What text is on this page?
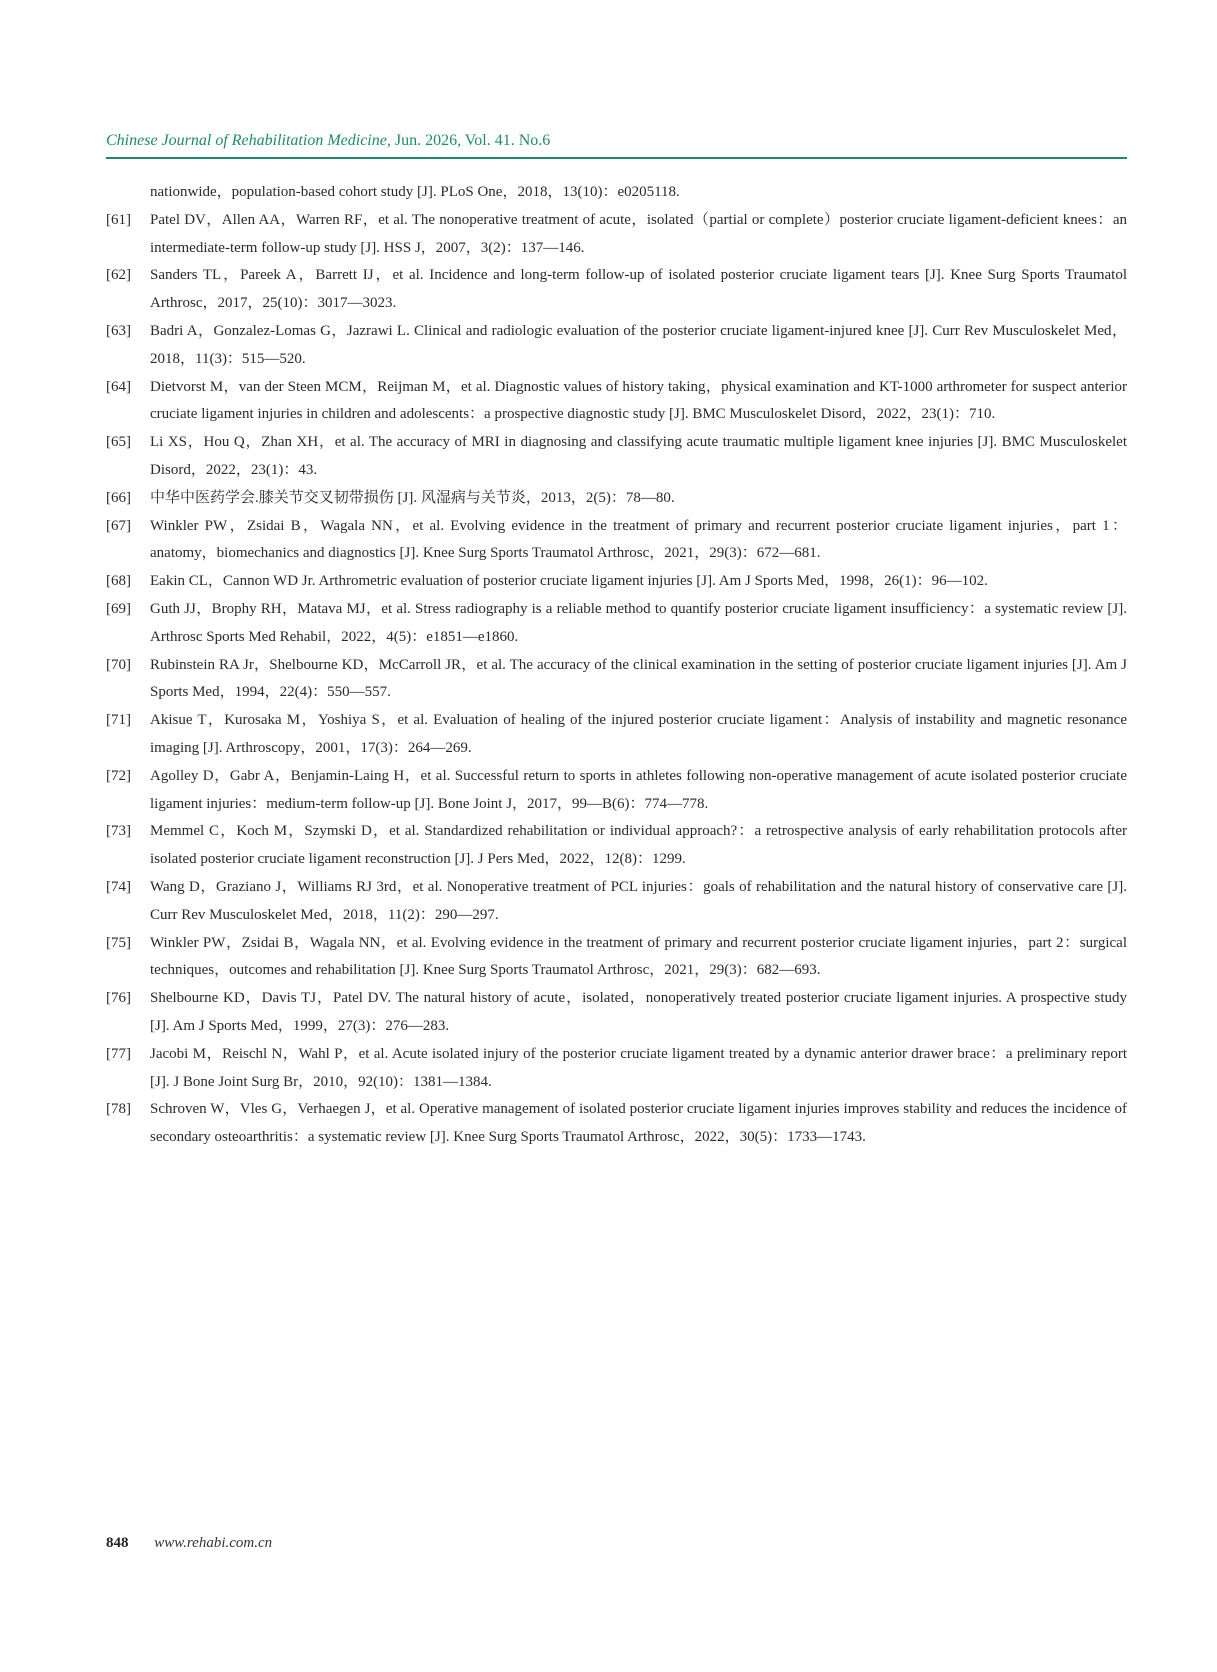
Chinese Journal of Rehabilitation Medicine, Jun. 2026, Vol. 41. No.6
nationwide，population-based cohort study [J]. PLoS One，2018，13(10)：e0205118.
[61]	Patel DV，Allen AA，Warren RF，et al. The nonoperative treatment of acute，isolated（partial or complete）posterior cruciate ligament-deficient knees：an intermediate-term follow-up study [J]. HSS J，2007，3(2)：137—146.
[62]	Sanders TL，Pareek A，Barrett IJ，et al. Incidence and long-term follow-up of isolated posterior cruciate ligament tears [J]. Knee Surg Sports Traumatol Arthrosc，2017，25(10)：3017—3023.
[63]	Badri A，Gonzalez-Lomas G，Jazrawi L. Clinical and radiologic evaluation of the posterior cruciate ligament-injured knee [J]. Curr Rev Musculoskelet Med，2018，11(3)：515—520.
[64]	Dietvorst M，van der Steen MCM，Reijman M，et al. Diagnostic values of history taking，physical examination and KT-1000 arthrometer for suspect anterior cruciate ligament injuries in children and adolescents：a prospective diagnostic study [J]. BMC Musculoskelet Disord，2022，23(1)：710.
[65]	Li XS，Hou Q，Zhan XH，et al. The accuracy of MRI in diagnosing and classifying acute traumatic multiple ligament knee injuries [J]. BMC Musculoskelet Disord，2022，23(1)：43.
[66]	中华中医药学会.膝关节交叉韧带损伤 [J]. 风湿病与关节炎，2013，2(5)：78—80.
[67]	Winkler PW，Zsidai B，Wagala NN，et al. Evolving evidence in the treatment of primary and recurrent posterior cruciate ligament injuries，part 1：anatomy，biomechanics and diagnostics [J]. Knee Surg Sports Traumatol Arthrosc，2021，29(3)：672—681.
[68]	Eakin CL，Cannon WD Jr. Arthrometric evaluation of posterior cruciate ligament injuries [J]. Am J Sports Med，1998，26(1)：96—102.
[69]	Guth JJ，Brophy RH，Matava MJ，et al. Stress radiography is a reliable method to quantify posterior cruciate ligament insufficiency：a systematic review [J]. Arthrosc Sports Med Rehabil，2022，4(5)：e1851—e1860.
[70]	Rubinstein RA Jr，Shelbourne KD，McCarroll JR，et al. The accuracy of the clinical examination in the setting of posterior cruciate ligament injuries [J]. Am J Sports Med，1994，22(4)：550—557.
[71]	Akisue T，Kurosaka M，Yoshiya S，et al. Evaluation of healing of the injured posterior cruciate ligament：Analysis of instability and magnetic resonance imaging [J]. Arthroscopy，2001，17(3)：264—269.
[72]	Agolley D，Gabr A，Benjamin-Laing H，et al. Successful return to sports in athletes following non-operative management of acute isolated posterior cruciate ligament injuries：medium-term follow-up [J]. Bone Joint J，2017，99—B(6)：774—778.
[73]	Memmel C，Koch M，Szymski D，et al. Standardized rehabilitation or individual approach?：a retrospective analysis of early rehabilitation protocols after isolated posterior cruciate ligament reconstruction [J]. J Pers Med，2022，12(8)：1299.
[74]	Wang D，Graziano J，Williams RJ 3rd，et al. Nonoperative treatment of PCL injuries：goals of rehabilitation and the natural history of conservative care [J]. Curr Rev Musculoskelet Med，2018，11(2)：290—297.
[75]	Winkler PW，Zsidai B，Wagala NN，et al. Evolving evidence in the treatment of primary and recurrent posterior cruciate ligament injuries，part 2：surgical techniques，outcomes and rehabilitation [J]. Knee Surg Sports Traumatol Arthrosc，2021，29(3)：682—693.
[76]	Shelbourne KD，Davis TJ，Patel DV. The natural history of acute，isolated，nonoperatively treated posterior cruciate ligament injuries. A prospective study [J]. Am J Sports Med，1999，27(3)：276—283.
[77]	Jacobi M，Reischl N，Wahl P，et al. Acute isolated injury of the posterior cruciate ligament treated by a dynamic anterior drawer brace：a preliminary report [J]. J Bone Joint Surg Br，2010，92(10)：1381—1384.
[78]	Schroven W，Vles G，Verhaegen J，et al. Operative management of isolated posterior cruciate ligament injuries improves stability and reduces the incidence of secondary osteoarthritis：a systematic review [J]. Knee Surg Sports Traumatol Arthrosc，2022，30(5)：1733—1743.
848 www.rehabi.com.cn
